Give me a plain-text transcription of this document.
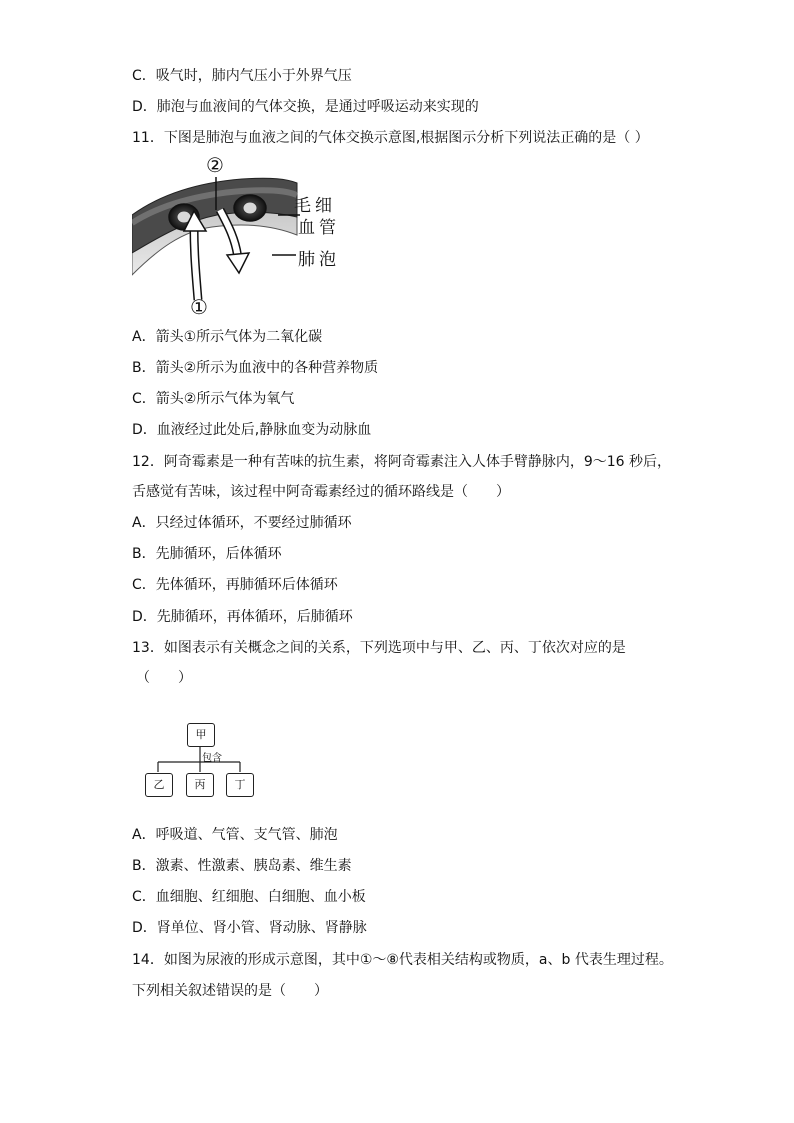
C．吸气时，肺内气压小于外界气压
D．肺泡与血液间的气体交换，是通过呼吸运动来实现的
11．下图是肺泡与血液之间的气体交换示意图,根据图示分析下列说法正确的是（ ）
②
①
毛细
血管
肺泡
A．箭头①所示气体为二氧化碳
B．箭头②所示为血液中的各种营养物质
C．箭头②所示气体为氧气
D．血液经过此处后,静脉血变为动脉血
12．阿奇霉素是一种有苦味的抗生素，将阿奇霉素注入人体手臂静脉内，9～16 秒后，
舌感觉有苦味，该过程中阿奇霉素经过的循环路线是（　　）
A．只经过体循环，不要经过肺循环
B．先肺循环，后体循环
C．先体循环，再肺循环后体循环
D．先肺循环，再体循环，后肺循环
13．如图表示有关概念之间的关系，下列选项中与甲、乙、丙、丁依次对应的是
（　　）
甲
包含
乙	丙	丁
A．呼吸道、气管、支气管、肺泡
B．激素、性激素、胰岛素、维生素
C．血细胞、红细胞、白细胞、血小板
D．肾单位、肾小管、肾动脉、肾静脉
14．如图为尿液的形成示意图，其中①～⑧代表相关结构或物质，a、b 代表生理过程。
下列相关叙述错误的是（　　）
